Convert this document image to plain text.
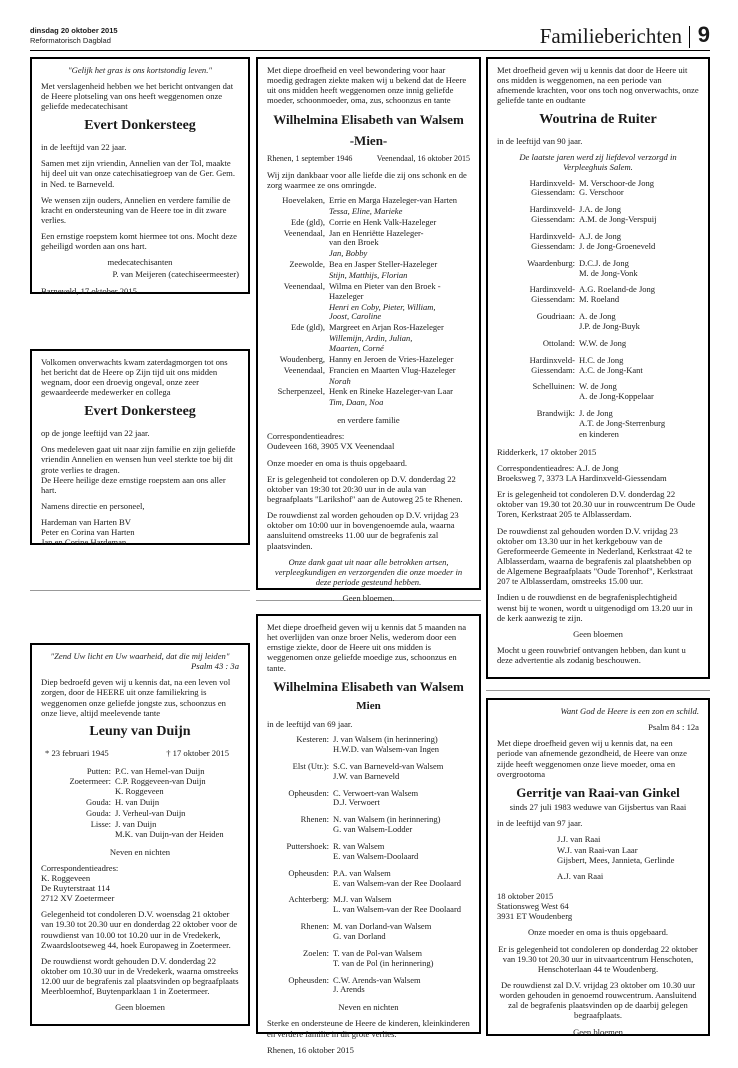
dinsdag 20 oktober 2015
Reformatorisch Dagblad	Familieberichten 9

"Gelijk het gras is ons kortstondig leven."

Met verslagenheid hebben we het bericht ontvangen dat de Heere plotseling van ons heeft weggenomen onze geliefde medecatechisant

Evert Donkersteeg

in de leeftijd van 22 jaar.

Samen met zijn vriendin, Annelien van der Tol, maakte hij deel uit van onze catechisatiegroep van de Ger. Gem. in Ned. te Barneveld.

We wensen zijn ouders, Annelien en verdere familie de kracht en ondersteuning van de Heere toe in dit zware verlies.

Een ernstige roepstem komt hiermee tot ons. Mocht deze geheiligd worden aan ons hart.

medecatechisanten

P. van Meijeren (catechiseermeester)

Barneveld, 17 oktober 2015

Volkomen onverwachts kwam zaterdagmorgen tot ons het bericht dat de Heere op Zijn tijd uit ons midden wegnam, door een droevig ongeval, onze zeer gewaardeerde medewerker en collega

Evert Donkersteeg

op de jonge leeftijd van 22 jaar.

Ons medeleven gaat uit naar zijn familie en zijn geliefde vriendin Annelien en wensen hun veel sterkte toe bij dit grote verlies te dragen.
De Heere heilige deze ernstige roepstem aan ons aller hart.

Namens directie en personeel,

Hardeman van Harten BV
Peter en Corina van Harten
Jan en Corine Hardeman

"Zend Uw licht en Uw waarheid, dat die mij leiden"

Psalm 43 : 3a

Diep bedroefd geven wij u kennis dat, na een leven vol zorgen, door de HEERE uit onze familiekring is weggenomen onze geliefde jongste zus, schoonzus en onze lieve, altijd meelevende tante

Leuny van Duijn
* 23 februari 1945	† 17 oktober 2015
Putten:	P.C. van Hemel-van Duijn
Zoetermeer:	C.P. Roggeveen-van Duijn
K. Roggeveen
Gouda:	H. van Duijn
Gouda:	J. Verheul-van Duijn
Lisse:	J. van Duijn
M.K. van Duijn-van der Heiden

Neven en nichten

Correspondentieadres:
K. Roggeveen
De Ruyterstraat 114
2712 XV Zoetermeer

Gelegenheid tot condoleren D.V. woensdag 21 oktober van 19.30 tot 20.30 uur en donderdag 22 oktober voor de rouwdienst van 10.00 tot 10.20 uur in de Vredekerk, Zwaardslootseweg 44, hoek Europaweg in Zoetermeer.

De rouwdienst wordt gehouden D.V. donderdag 22 oktober om 10.30 uur in de Vredekerk, waarna omstreeks 12.00 uur de begrafenis zal plaatsvinden op begraafplaats Meerbloemhof, Buytenparklaan 1 in Zoetermeer.

Geen bloemen

Met diepe droefheid en veel bewondering voor haar moedig gedragen ziekte maken wij u bekend dat de Heere uit ons midden heeft weggenomen onze innig geliefde moeder, schoonmoeder, oma, zus, schoonzus en tante

Wilhelmina Elisabeth van Walsem
-Mien-
Rhenen, 1 september 1946	Veenendaal, 16 oktober 2015

Wij zijn dankbaar voor alle liefde die zij ons schonk en de zorg waarmee ze ons omringde.

Hoevelaken,	Errie en Marga Hazeleger-van Harten
	Tessa, Eline, Marieke
Ede (gld),	Corrie en Henk Valk-Hazeleger
Veenendaal,	Jan en Henriëtte Hazeleger-
van den Broek
	Jan, Bobby
Zeewolde,	Bea en Jasper Steller-Hazeleger
	Stijn, Matthijs, Florian
Veenendaal,	Wilma en Pieter van den Broek -
Hazeleger
	Henri en Coby, Pieter, William,
Joost, Caroline
Ede (gld),	Margreet en Arjan Ros-Hazeleger
	Willemijn, Ardin, Julian,
Maarten, Corné
Woudenberg,	Hanny en Jeroen de Vries-Hazeleger
Veenendaal,	Francien en Maarten Vlug-Hazeleger
	Norah
Scherpenzeel,	Henk en Rineke Hazeleger-van Laar
	Tim, Daan, Noa

en verdere familie

Correspondentieadres:
Oudeveen 168, 3905 VX Veenendaal

Onze moeder en oma is thuis opgebaard.

Er is gelegenheid tot condoleren op D.V. donderdag 22 oktober van 19:30 tot 20:30 uur in de aula van begraafplaats "Larikshof" aan de Autoweg 25 te Rhenen.

De rouwdienst zal worden gehouden op D.V. vrijdag 23 oktober om 10:00 uur in bovengenoemde aula, waarna aansluitend omstreeks 11.00 uur de begrafenis zal plaatsvinden.

Onze dank gaat uit naar alle betrokken artsen, verpleegkundigen en verzorgenden die onze moeder in deze periode gesteund hebben.

Geen bloemen.

Met diepe droefheid geven wij u kennis dat 5 maanden na het overlijden van onze broer Nelis, wederom door een ernstige ziekte, door de Heere uit ons midden is weggenomen onze geliefde moedige zus, schoonzus en tante.

Wilhelmina Elisabeth van Walsem
Mien

in de leeftijd van 69 jaar.

Kesteren:	J. van Walsem (in herinnering)
H.W.D. van Walsem-van Ingen

Elst (Utr.):	S.C. van Barneveld-van Walsem
J.W. van Barneveld

Opheusden:	C. Verwoert-van Walsem
D.J. Verwoert

Rhenen:	N. van Walsem (in herinnering)
G. van Walsem-Lodder

Puttershoek:	R. van Walsem
E. van Walsem-Doolaard

Opheusden:	P.A. van Walsem
E. van Walsem-van der Ree Doolaard

Achterberg:	M.J. van Walsem
L. van Walsem-van der Ree Doolaard

Rhenen:	M. van Dorland-van Walsem
G. van Dorland

Zoelen:	T. van de Pol-van Walsem
T. van de Pol (in herinnering)

Opheusden:	C.W. Arends-van Walsem
J. Arends

Neven en nichten

Sterke en ondersteune de Heere de kinderen, kleinkinderen en verdere familie in dit grote verlies.

Rhenen, 16 oktober 2015

Met droefheid geven wij u kennis dat door de Heere uit ons midden is weggenomen, na een periode van afnemende krachten, voor ons toch nog onverwachts, onze geliefde tante en oudtante

Woutrina de Ruiter

in de leeftijd van 90 jaar.

De laatste jaren werd zij liefdevol verzorgd in Verpleeghuis Salem.

Hardinxveld-
Giessendam:	M. Verschoor-de Jong
G. Verschoor

Hardinxveld-
Giessendam:	J.A. de Jong
A.M. de Jong-Verspuij

Hardinxveld-
Giessendam:	A.J. de Jong
J. de Jong-Groeneveld

Waardenburg:	D.C.J. de Jong
M. de Jong-Vonk

Hardinxveld-
Giessendam:	A.G. Roeland-de Jong
M. Roeland

Goudriaan:	A. de Jong
J.P. de Jong-Buyk

Ottoland:	W.W. de Jong

Hardinxveld-
Giessendam:	H.C. de Jong
A.C. de Jong-Kant

Schelluinen:	W. de Jong
A. de Jong-Koppelaar

Brandwijk:	J. de Jong
A.T. de Jong-Sterrenburg
	en kinderen

Ridderkerk, 17 oktober 2015

Correspondentieadres: A.J. de Jong
Broeksweg 7, 3373 LA Hardinxveld-Giessendam

Er is gelegenheid tot condoleren D.V. donderdag 22 oktober van 19.30 tot 20.30 uur in rouwcentrum De Oude Toren, Kerkstraat 205 te Alblasserdam.

De rouwdienst zal gehouden worden D.V. vrijdag 23 oktober om 13.30 uur in het kerkgebouw van de Gereformeerde Gemeente in Nederland, Kerkstraat 42 te Alblasserdam, waarna de begrafenis zal plaatshebben op de Algemene Begraafplaats "Oude Torenhof", Kerkstraat 207 te Alblasserdam, omstreeks 15.00 uur.

Indien u de rouwdienst en de begrafenisplechtigheid wenst bij te wonen, wordt u uitgenodigd om 13.20 uur in de kerk aanwezig te zijn.

Geen bloemen

Mocht u geen rouwbrief ontvangen hebben, dan kunt u deze advertentie als zodanig beschouwen.

Want God de Heere is een zon en schild.

Psalm 84 : 12a

Met diepe droefheid geven wij u kennis dat, na een periode van afnemende gezondheid, de Heere van onze zijde heeft weggenomen onze lieve moeder, oma en overgrootoma

Gerritje van Raai-van Ginkel

sinds 27 juli 1983 weduwe van Gijsbertus van Raai

in de leeftijd van 97 jaar.

J.J. van Raai
W.J. van Raai-van Laar
Gijsbert, Mees, Jannieta, Gerlinde

A.J. van Raai

18 oktober 2015
Stationsweg West 64
3931 ET Woudenberg

Onze moeder en oma is thuis opgebaard.

Er is gelegenheid tot condoleren op donderdag 22 oktober van 19.30 tot 20.30 uur in uitvaartcentrum Henschoten, Henschoterlaan 44 te Woudenberg.

De rouwdienst zal D.V. vrijdag 23 oktober om 10.30 uur worden gehouden in genoemd rouwcentrum. Aansluitend zal de begrafenis plaatsvinden op de daarbij gelegen begraafplaats.

Geen bloemen
